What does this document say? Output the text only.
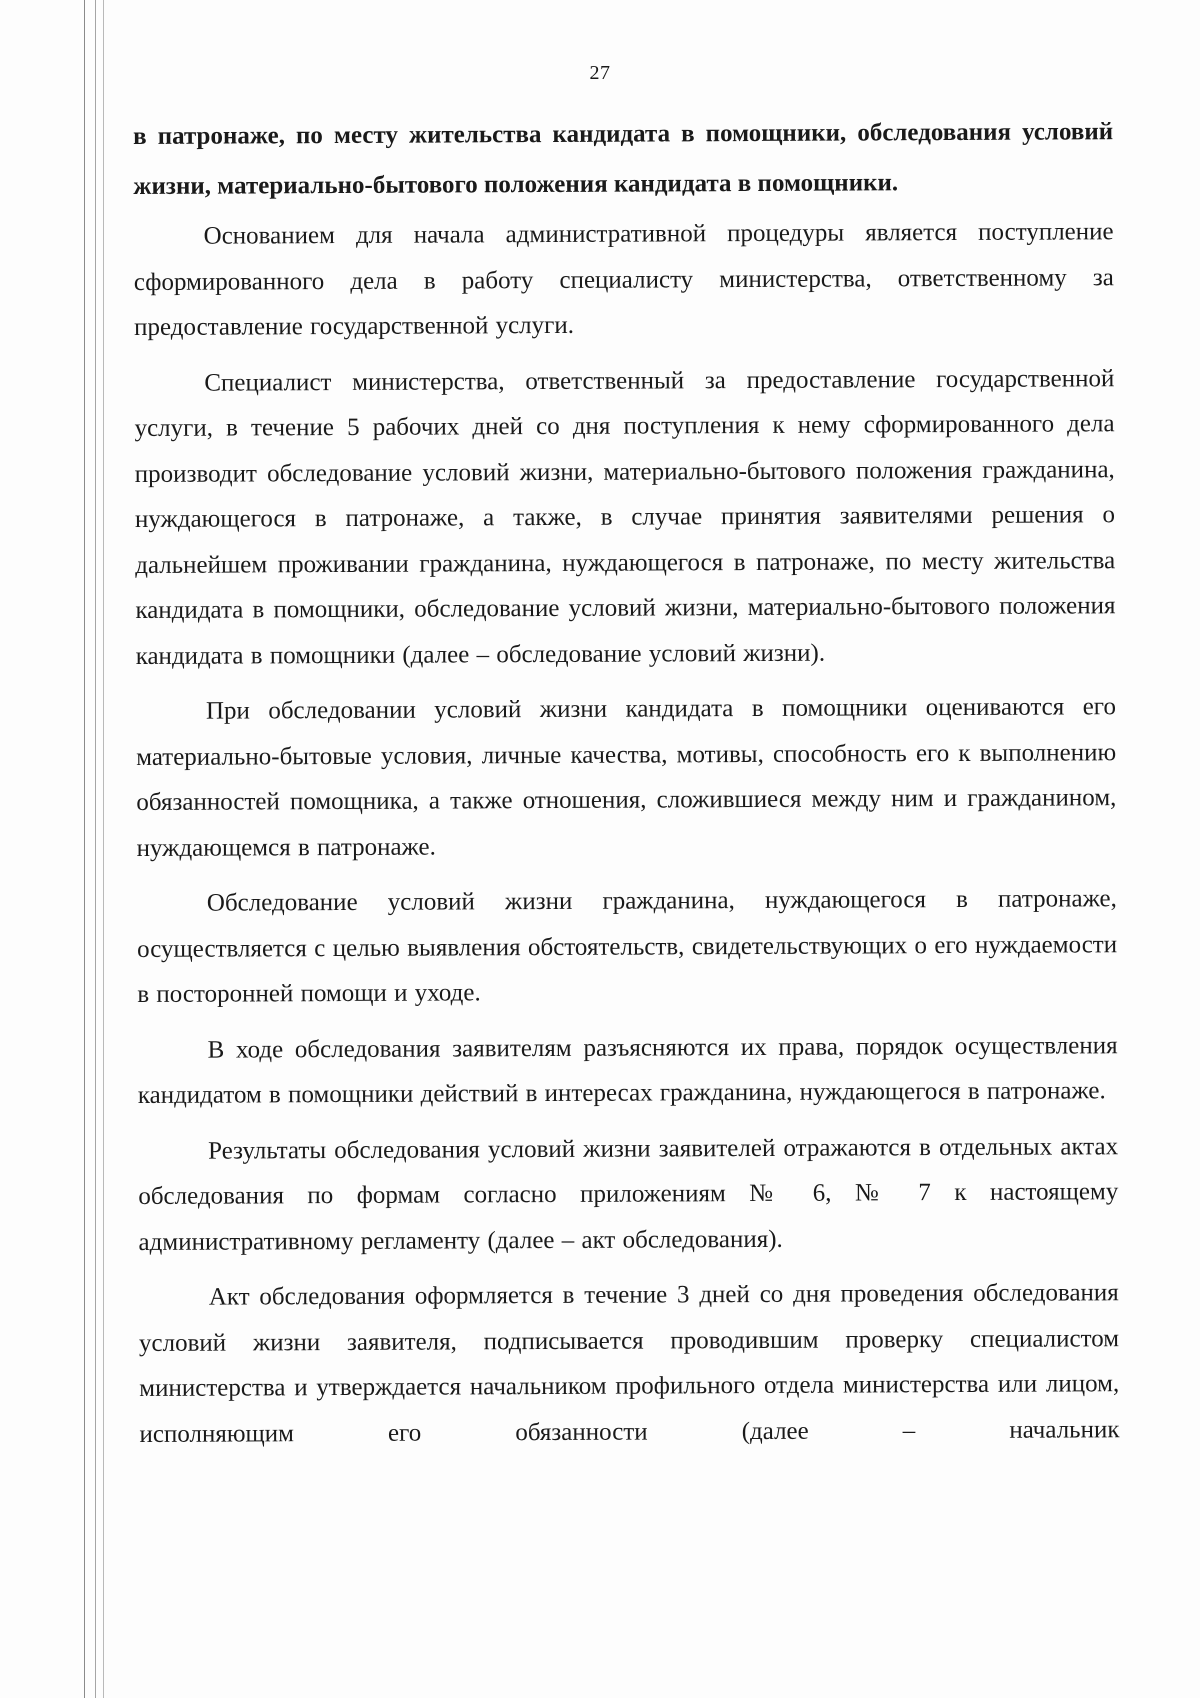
27

в патронаже, по месту жительства кандидата в помощники, обследования условий жизни, материально-бытового положения кандидата в помощники.

Основанием для начала административной процедуры является поступление сформированного дела в работу специалисту министерства, ответственному за предоставление государственной услуги.

Специалист министерства, ответственный за предоставление государственной услуги, в течение 5 рабочих дней со дня поступления к нему сформированного дела производит обследование условий жизни, материально-бытового положения гражданина, нуждающегося в патронаже, а также, в случае принятия заявителями решения о дальнейшем проживании гражданина, нуждающегося в патронаже, по месту жительства кандидата в помощники, обследование условий жизни, материально-бытового положения кандидата в помощники (далее – обследование условий жизни).

При обследовании условий жизни кандидата в помощники оцениваются его материально-бытовые условия, личные качества, мотивы, способность его к выполнению обязанностей помощника, а также отношения, сложившиеся между ним и гражданином, нуждающемся в патронаже.

Обследование условий жизни гражданина, нуждающегося в патронаже, осуществляется с целью выявления обстоятельств, свидетельствующих о его нуждаемости в посторонней помощи и уходе.

В ходе обследования заявителям разъясняются их права, порядок осуществления кандидатом в помощники действий в интересах гражданина, нуждающегося в патронаже.

Результаты обследования условий жизни заявителей отражаются в отдельных актах обследования по формам согласно приложениям № 6, № 7 к настоящему административному регламенту (далее – акт обследования).

Акт обследования оформляется в течение 3 дней со дня проведения обследования условий жизни заявителя, подписывается проводившим проверку специалистом министерства и утверждается начальником профильного отдела министерства или лицом, исполняющим его обязанности (далее – начальник
